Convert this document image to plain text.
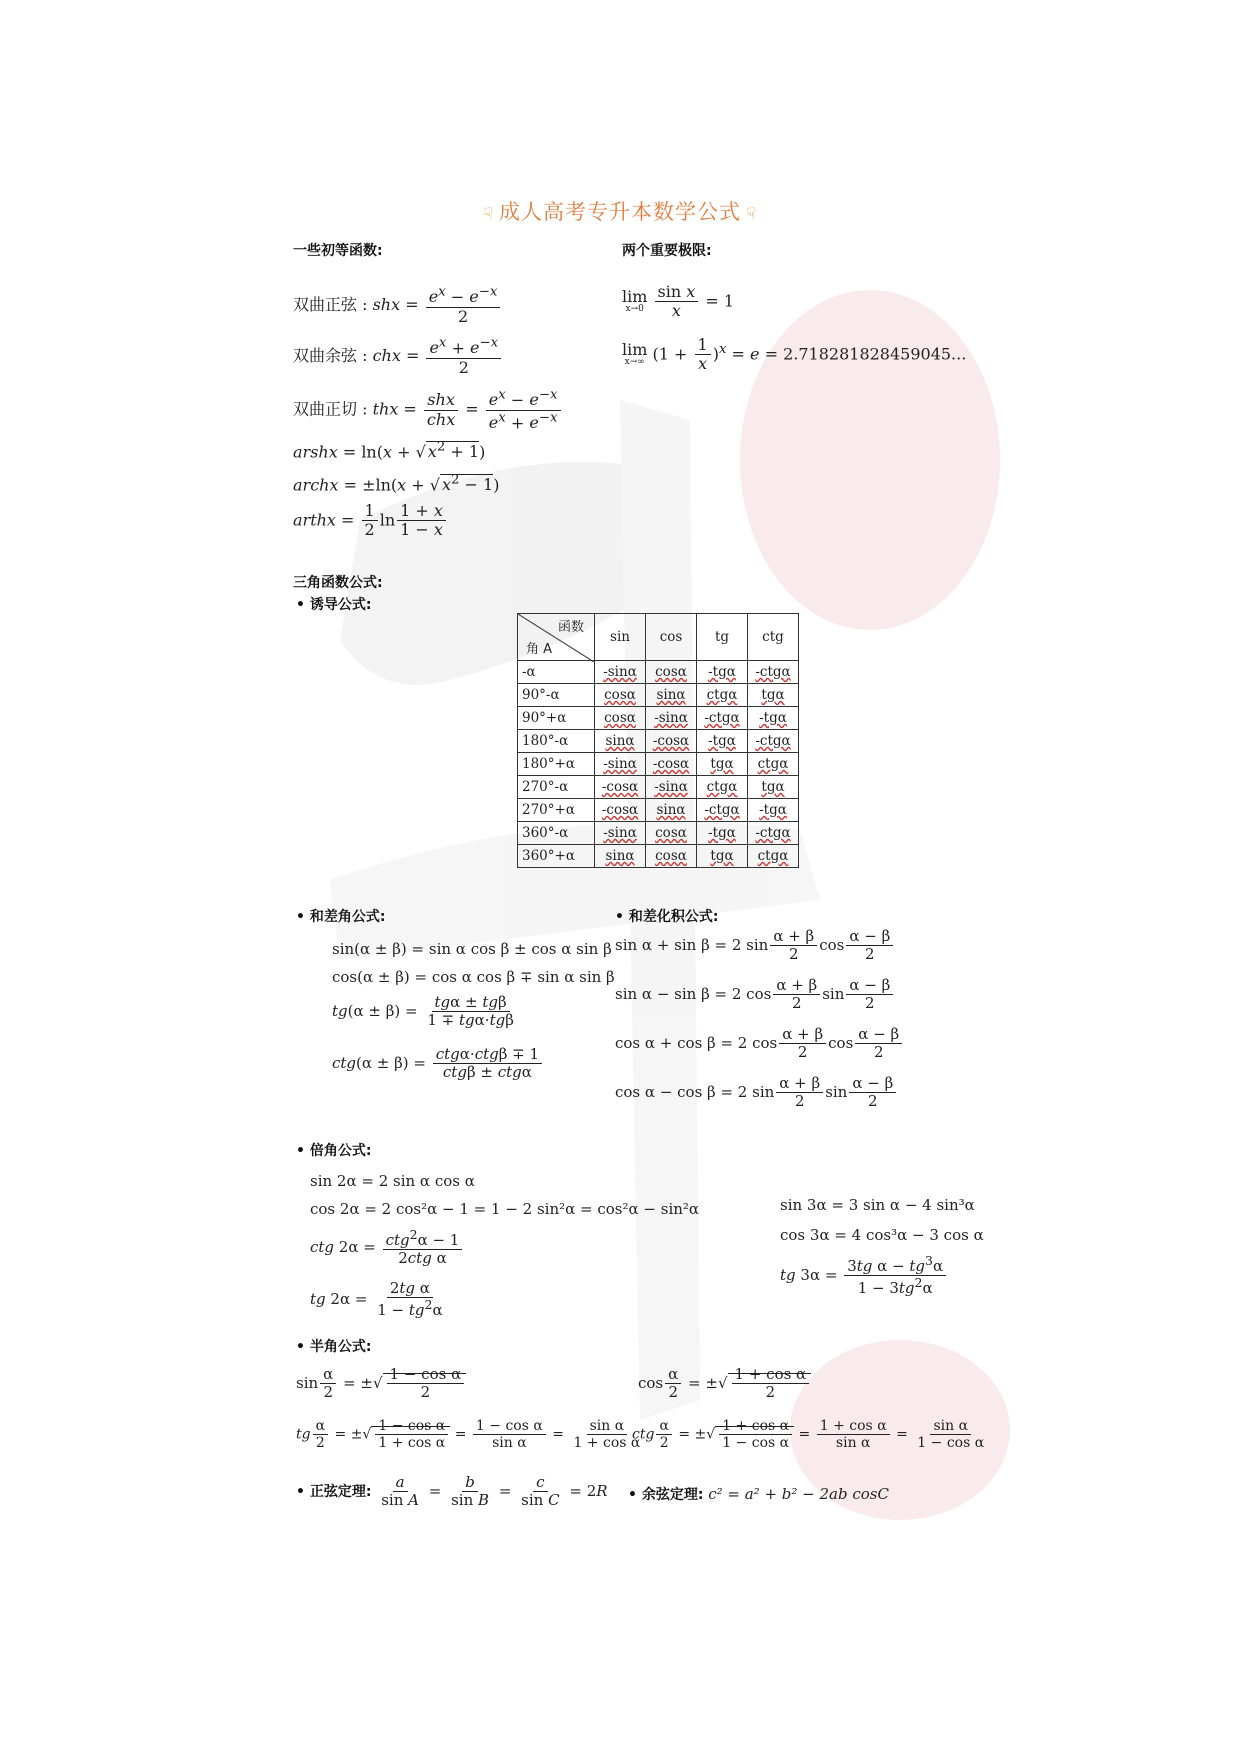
☟ 成人高考专升本数学公式 ☟
一些初等函数:	两个重要极限:
双曲正弦 : shx = $\frac{e^x - e^{-x}}{2}$
双曲余弦 : chx = $\frac{e^x + e^{-x}}{2}$
双曲正切 : thx = $\frac{\text{shx}}{\text{chx}} = \frac{e^x - e^{-x}}{e^x + e^{-x}}$
arshx = ln(x + √ $x^2 + 1$)
archx = ±ln(x + √ $x^2 - 1$)
arthx = $\frac{1}{2}$ $\ln \frac{1 + x}{1 - x}$
lim
x→0
$\frac{\text{sin x}}{x} = 1$
lim
x→∞ $(1 + \frac{1}{x} )^x = e = 2.718281828459045$...
三角函数公式:
• 诱导公式:
函数
角 A	sin	cos	tg	ctg
-α	-sinα	cosα	-tgα	-ctgα
90°-α	cosα	sinα	ctgα	tgα
90°+α	cosα	-sinα	-ctgα	-tgα
180°-α	sinα	-cosα	-tgα	-ctgα
180°+α	-sinα	-cosα	tgα	ctgα
270°-α	-cosα	-sinα	ctgα	tgα
270°+α	-cosα	sinα	-ctgα	-tgα
360°-α	-sinα	cosα	-tgα	-ctgα
360°+α	sinα	cosα	tgα	ctgα
• 和差角公式:	• 和差化积公式:
sin(α ± β) = sin α cos β ± cos α sin β
cos(α ± β) = cos α cos β ∓ sin α sin β
$tg(\alpha \pm \beta) = \frac{\text{tgα ± tgβ}}{\text{1 ∓ tgα·tgβ}}$
$ctg(\alpha \pm \beta) = \frac{\text{ctgα·ctgβ ∓ 1}}{\text{ctgβ ± ctgα}}$
sin α + sin β = 2 $\sin \frac{\alpha + \beta}{2}$ $\cos \frac{\alpha - \beta}{2}$
sin α − sin β = 2 $\cos \frac{\alpha + \beta}{2}$ $\sin \frac{\alpha - \beta}{2}$
cos α + cos β = 2 $\cos \frac{\alpha + \beta}{2}$ $\cos \frac{\alpha - \beta}{2}$
cos α − cos β = 2 $\sin \frac{\alpha + \beta}{2}$ $\sin \frac{\alpha - \beta}{2}$
• 倍角公式:
sin 2α = 2 sin α cos α
cos 2α = 2 cos²α − 1 = 1 − 2 sin²α = cos²α − sin²α
ctg $2\alpha = \frac{ctg^2\alpha - 1}{\text{2ctg α}}$
tg $2\alpha = \frac{\text{2tg α}}{1 - tg^2\alpha}$
sin 3α = 3 sin α − 4 sin³α
cos 3α = 4 cos³α − 3 cos α
tg $3\alpha = \frac{3tg \alpha - tg^3\alpha}{1 - 3tg^2\alpha}$
• 半角公式:
$\sin \frac{\alpha}{2}$ = ±√ $\frac{\text{1 − cos α}}{2}$	$\cos \frac{\alpha}{2}$ = ±√ $\frac{\text{1 + cos α}}{2}$
tg $\frac{\alpha}{2}$ = ±√ $\frac{\text{1 − cos α}}{\text{1 + cos α}} = \frac{\text{1 − cos α}}{\text{sin α}} = \frac{\text{sin α}}{\text{1 + cos α}}$
ctg $\frac{\alpha}{2}$ = ±√ $\frac{\text{1 + cos α}}{\text{1 − cos α}} = \frac{\text{1 + cos α}}{\text{sin α}} = \frac{\text{sin α}}{\text{1 − cos α}}$
• 正弦定理: $\frac{a}{\text{sin A}} = \frac{b}{\text{sin B}} = \frac{c}{\text{sin C}} = 2R$ • 余弦定理: c² = a² + b² − 2ab cosC
